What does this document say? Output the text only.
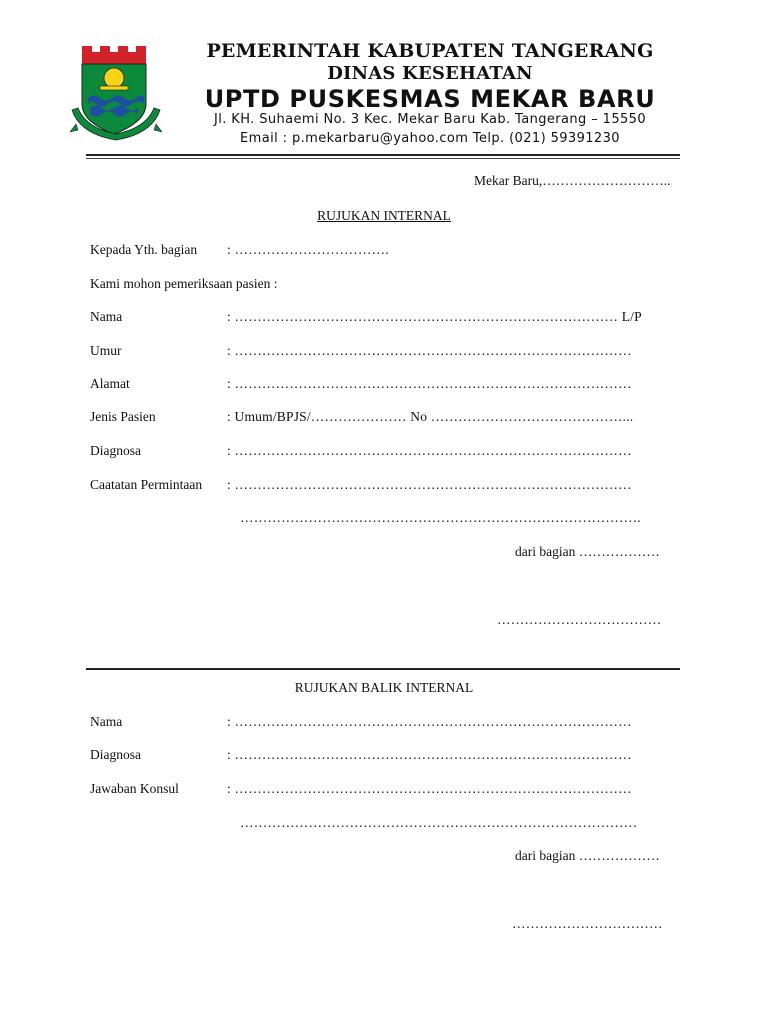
PEMERINTAH KABUPATEN TANGERANG
DINAS KESEHATAN
UPTD PUSKESMAS MEKAR BARU
Jl. KH. Suhaemi No. 3 Kec. Mekar Baru Kab. Tangerang – 15550
Email : p.mekarbaru@yahoo.com Telp. (021) 59391230
Mekar Baru,………………………..
RUJUKAN INTERNAL
Kepada Yth. bagian : …………………………….
Kami mohon pemeriksaan pasien :
Nama	: ………………………………………………………………………… L/P
Umur	: ……………………………………………………………………………
Alamat	: ……………………………………………………………………………
Jenis Pasien	: Umum/BPJS/………………… No ……………………………………...
Diagnosa	: ……………………………………………………………………………
Caatatan Permintaan : ……………………………………………………………………………
…………………………………………………………………………….
dari bagian ………………
………………………………
RUJUKAN BALIK INTERNAL
Nama	: ……………………………………………………………………………
Diagnosa	: ……………………………………………………………………………
Jawaban Konsul	: ……………………………………………………………………………
……………………………………………………………………………
dari bagian ………………
……………………………
